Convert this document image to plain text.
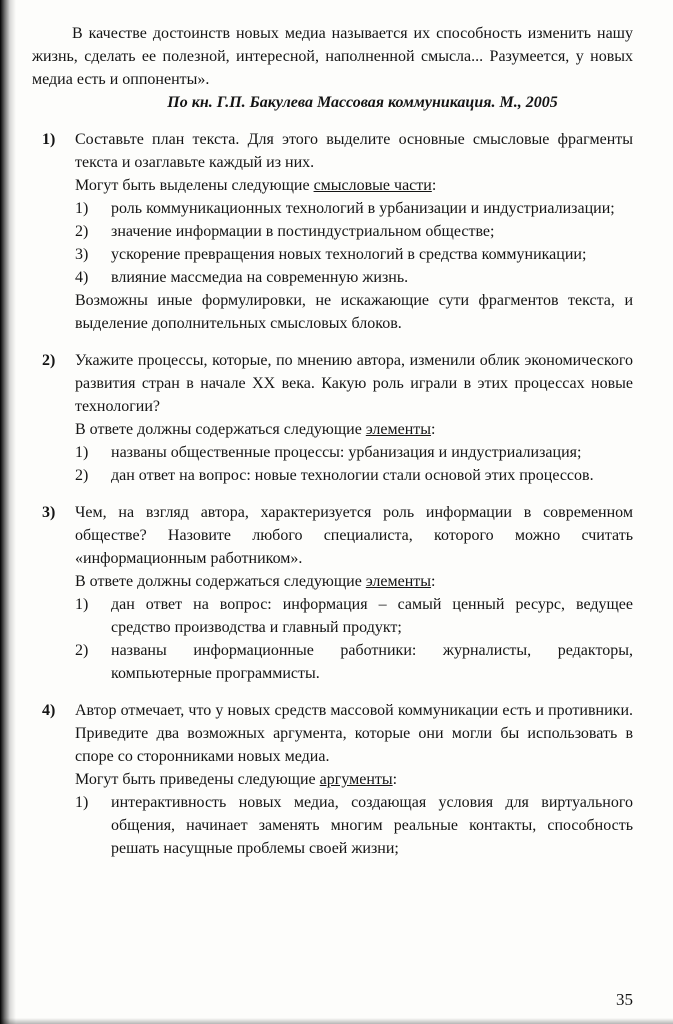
В качестве достоинств новых медиа называется их способность изменить нашу жизнь, сделать ее полезной, интересной, наполненной смысла... Разумеется, у новых медиа есть и оппоненты».

По кн. Г.П. Бакулева Массовая коммуникация. М., 2005

1)	Составьте план текста. Для этого выделите основные смысловые фрагменты текста и озаглавьте каждый из них.

Могут быть выделены следующие смысловые части:

1)	роль коммуникационных технологий в урбанизации и индустриализации;
2)	значение информации в постиндустриальном обществе;
3)	ускорение превращения новых технологий в средства коммуникации;
4)	влияние массмедиа на современную жизнь.

Возможны иные формулировки, не искажающие сути фрагментов текста, и выделение дополнительных смысловых блоков.

2)	Укажите процессы, которые, по мнению автора, изменили облик экономического развития стран в начале XX века. Какую роль играли в этих процессах новые технологии?

В ответе должны содержаться следующие элементы:

1)	названы общественные процессы: урбанизация и индустриализация;
2)	дан ответ на вопрос: новые технологии стали основой этих процессов.
3)	Чем, на взгляд автора, характеризуется роль информации в современном обществе? Назовите любого специалиста, которого можно считать «информационным работником».

В ответе должны содержаться следующие элементы:

1)	дан ответ на вопрос: информация – самый ценный ресурс, ведущее средство производства и главный продукт;
2)	названы информационные работники: журналисты, редакторы, компьютерные программисты.
4)	Автор отмечает, что у новых средств массовой коммуникации есть и противники. Приведите два возможных аргумента, которые они могли бы использовать в споре со сторонниками новых медиа.

Могут быть приведены следующие аргументы:

1)	интерактивность новых медиа, создающая условия для виртуального общения, начинает заменять многим реальные контакты, способность решать насущные проблемы своей жизни;
35
